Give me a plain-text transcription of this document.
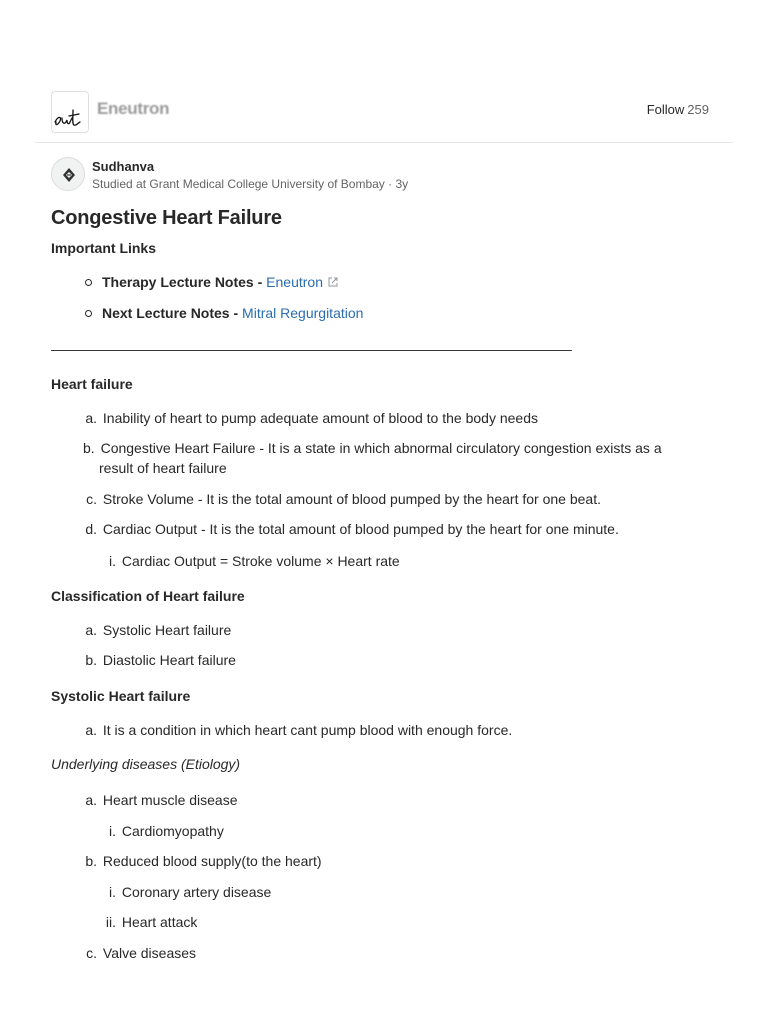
Eneutron	Follow 259
Sudhanva
Studied at Grant Medical College University of Bombay · 3y
Congestive Heart Failure
Important Links
Therapy Lecture Notes - Eneutron
Next Lecture Notes - Mitral Regurgitation
——————————————————————————————————————
Heart failure
a. Inability of heart to pump adequate amount of blood to the body needs
b. Congestive Heart Failure - It is a state in which abnormal circulatory congestion exists as a result of heart failure
c. Stroke Volume - It is the total amount of blood pumped by the heart for one beat.
d. Cardiac Output - It is the total amount of blood pumped by the heart for one minute.
i. Cardiac Output = Stroke volume × Heart rate
Classification of Heart failure
a. Systolic Heart failure
b. Diastolic Heart failure
Systolic Heart failure
a. It is a condition in which heart cant pump blood with enough force.
Underlying diseases (Etiology)
a. Heart muscle disease
i. Cardiomyopathy
b. Reduced blood supply(to the heart)
i. Coronary artery disease
ii. Heart attack
c. Valve diseases
